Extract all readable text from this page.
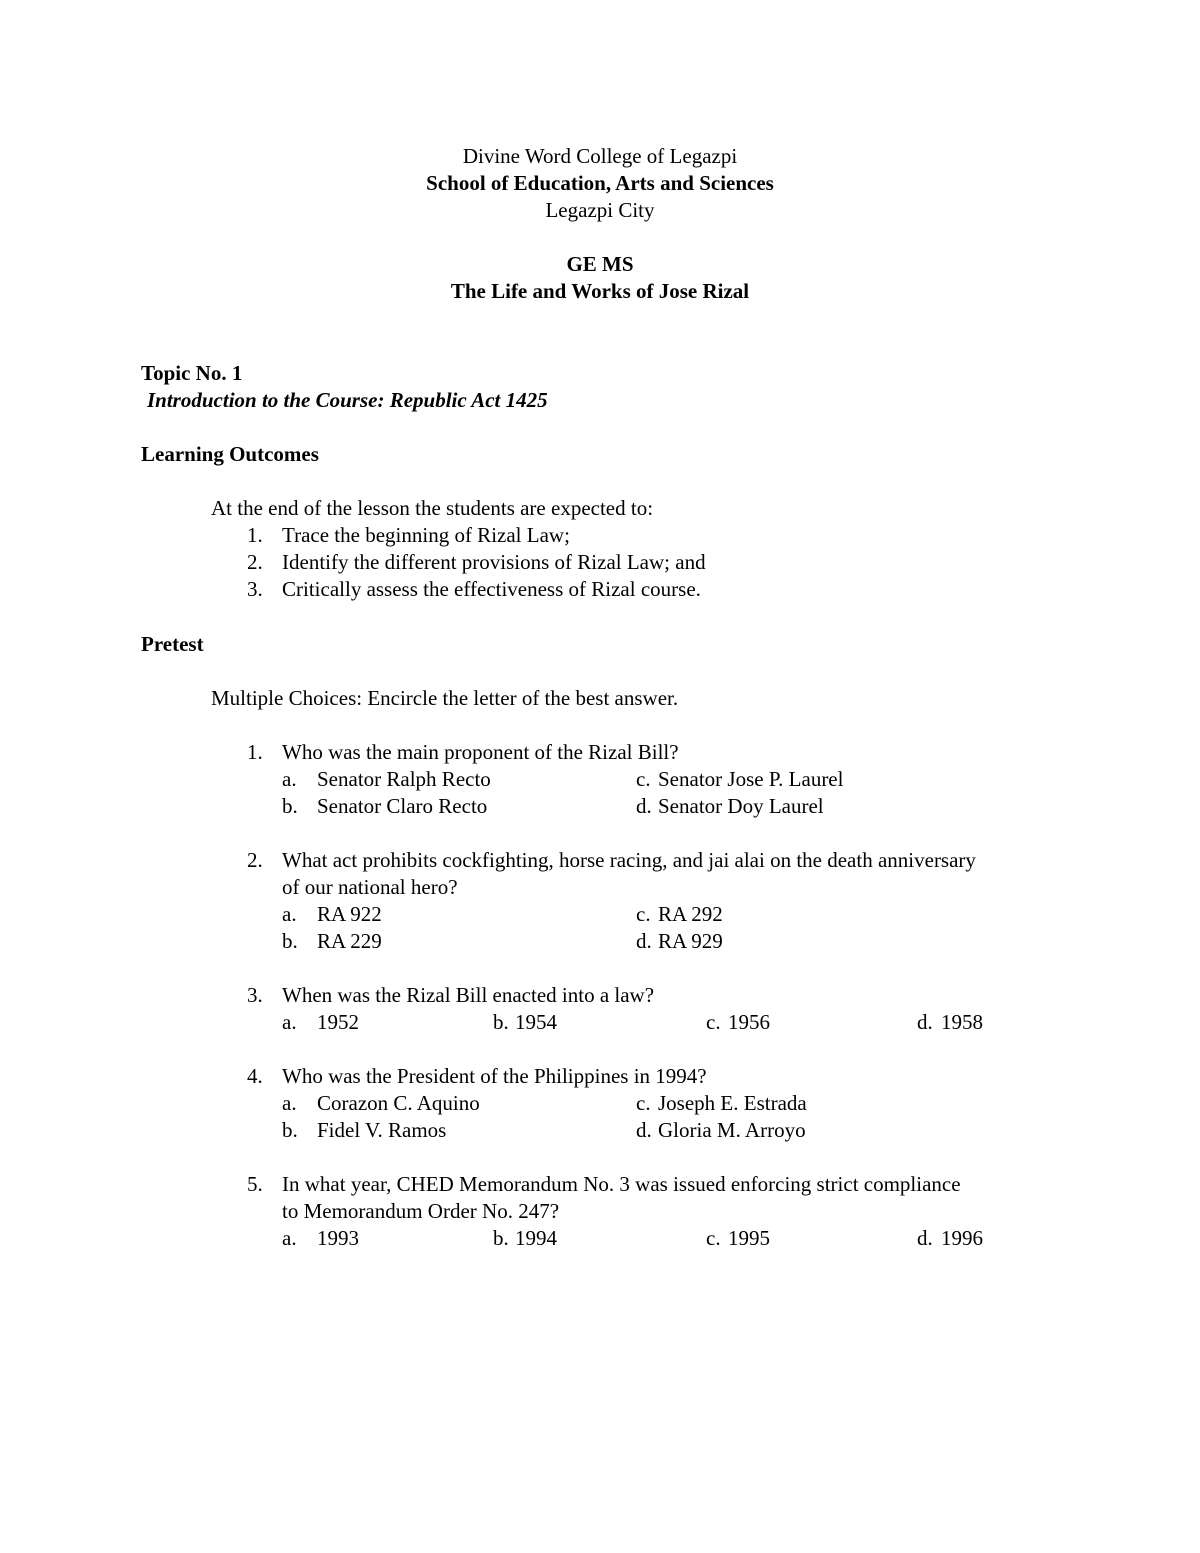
Divine Word College of Legazpi
School of Education, Arts and Sciences
Legazpi City
GE MS
The Life and Works of Jose Rizal
Topic No. 1
Introduction to the Course: Republic Act 1425
Learning Outcomes
At the end of the lesson the students are expected to:
1. Trace the beginning of Rizal Law;
2. Identify the different provisions of Rizal Law; and
3. Critically assess the effectiveness of Rizal course.
Pretest
Multiple Choices: Encircle the letter of the best answer.
1. Who was the main proponent of the Rizal Bill?
a. Senator Ralph Recto
b. Senator Claro Recto
c. Senator Jose P. Laurel
d. Senator Doy Laurel
2. What act prohibits cockfighting, horse racing, and jai alai on the death anniversary
of our national hero?
a. RA 922
b. RA 229
c. RA 292
d. RA 929
3. When was the Rizal Bill enacted into a law?
a. 1952	b. 1954	c. 1956	d. 1958
4. Who was the President of the Philippines in 1994?
a. Corazon C. Aquino
b. Fidel V. Ramos
c. Joseph E. Estrada
d. Gloria M. Arroyo
5. In what year, CHED Memorandum No. 3 was issued enforcing strict compliance
to Memorandum Order No. 247?
a. 1993	b. 1994	c. 1995	d. 1996
